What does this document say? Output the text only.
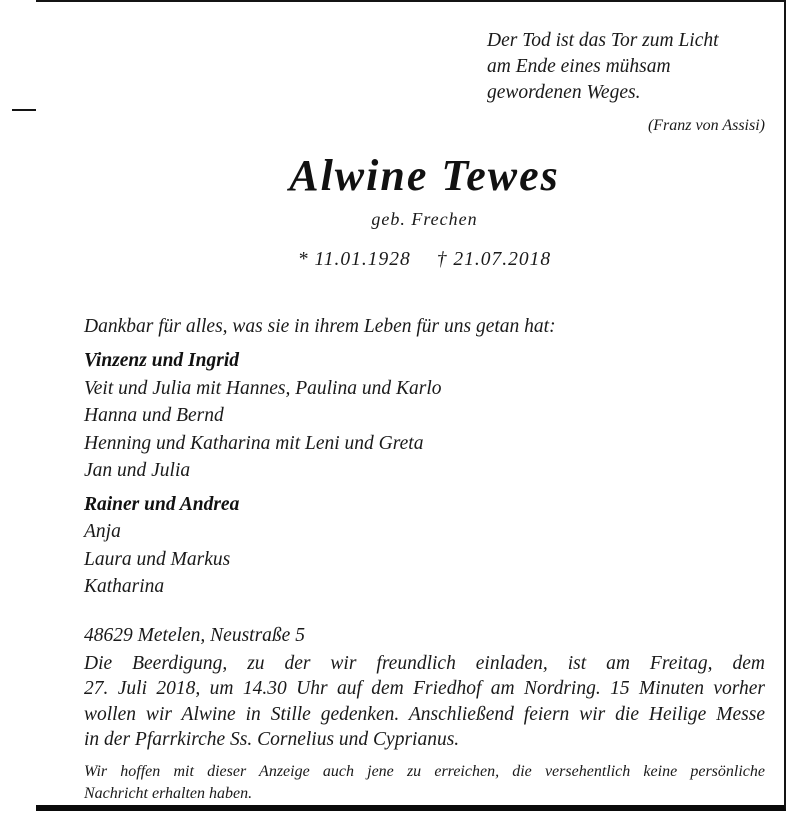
Der Tod ist das Tor zum Licht
am Ende eines mühsam
gewordenen Weges.
(Franz von Assisi)
Alwine Tewes
geb. Frechen
* 11.01.1928 † 21.07.2018
Dankbar für alles, was sie in ihrem Leben für uns getan hat:
Vinzenz und Ingrid
Veit und Julia mit Hannes, Paulina und Karlo
Hanna und Bernd
Henning und Katharina mit Leni und Greta
Jan und Julia
Rainer und Andrea
Anja
Laura und Markus
Katharina
48629 Metelen, Neustraße 5
Die Beerdigung, zu der wir freundlich einladen, ist am Freitag, dem
27. Juli 2018, um 14.30 Uhr auf dem Friedhof am Nordring. 15 Minuten vorher
wollen wir Alwine in Stille gedenken. Anschließend feiern wir die Heilige Messe
in der Pfarrkirche Ss. Cornelius und Cyprianus.
Wir hoffen mit dieser Anzeige auch jene zu erreichen, die versehentlich keine persönliche
Nachricht erhalten haben.
